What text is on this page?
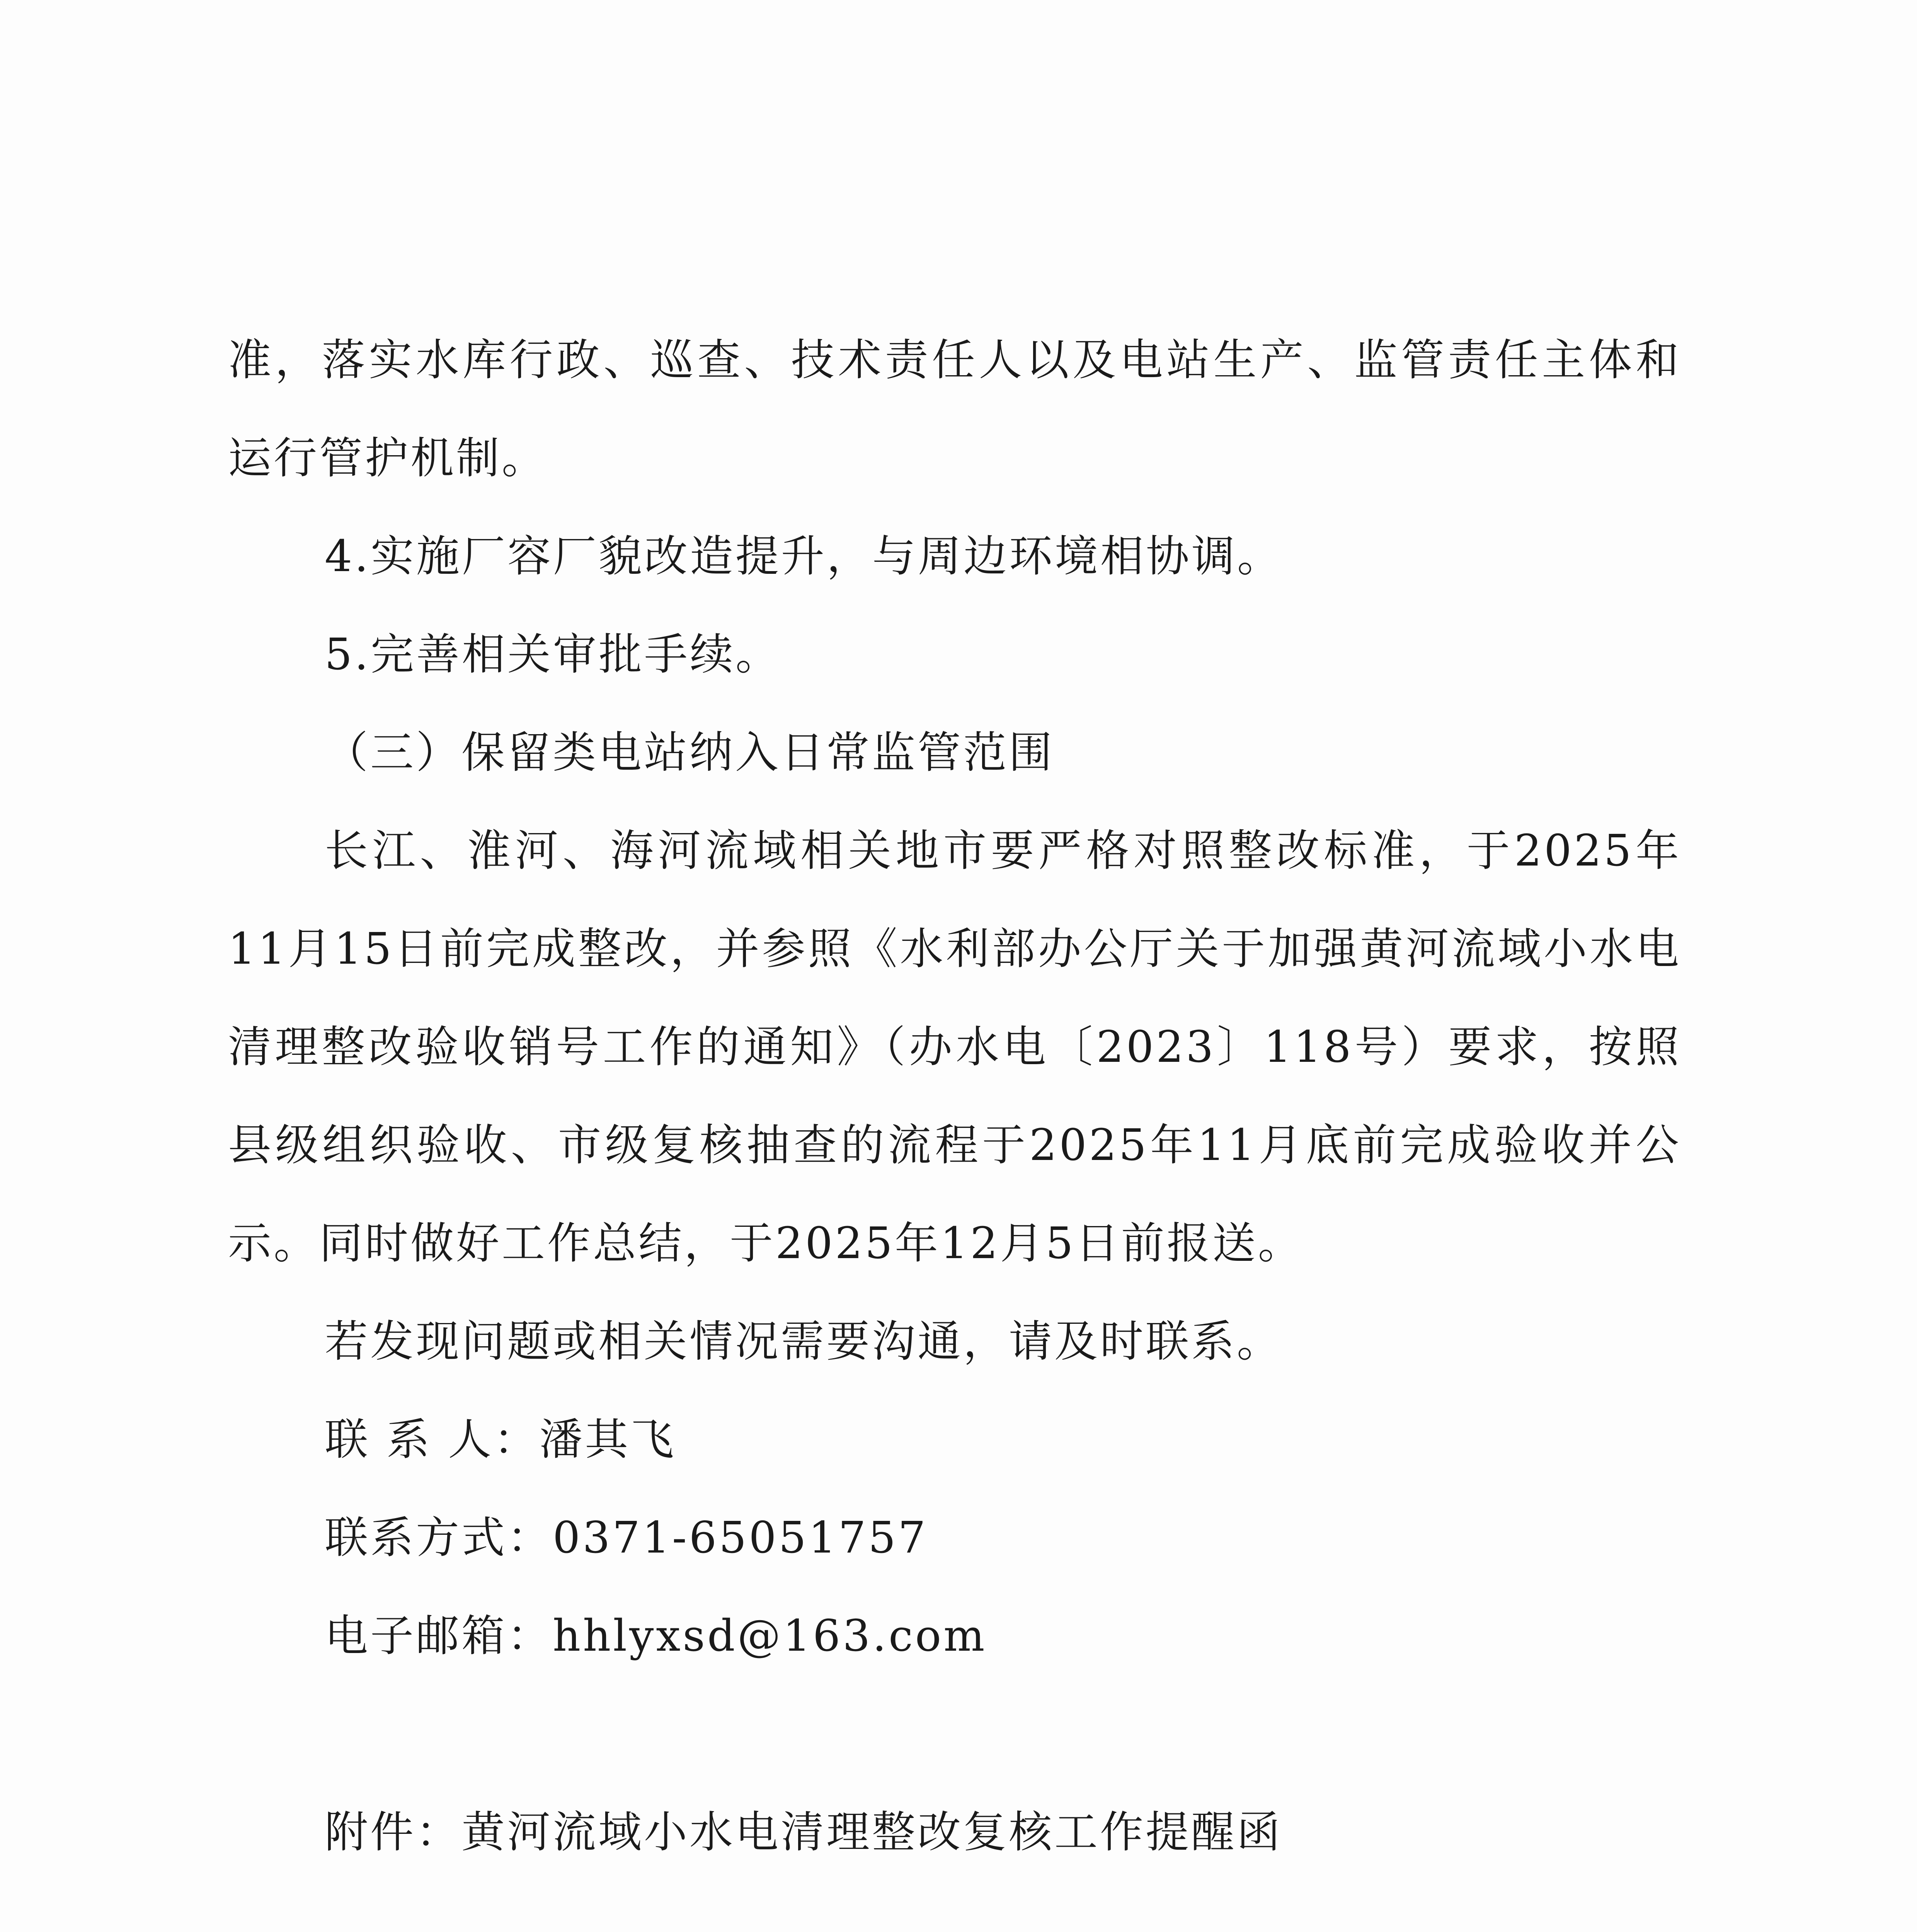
准，落实水库行政、巡查、技术责任人以及电站生产、监管责任主体和运行管护机制。

4.实施厂容厂貌改造提升，与周边环境相协调。

5.完善相关审批手续。

（三）保留类电站纳入日常监管范围

长江、淮河、海河流域相关地市要严格对照整改标准，于2025年11月15日前完成整改，并参照《水利部办公厅关于加强黄河流域小水电清理整改验收销号工作的通知》（办水电〔2023〕118号）要求，按照县级组织验收、市级复核抽查的流程于2025年11月底前完成验收并公示。同时做好工作总结，于2025年12月5日前报送。

若发现问题或相关情况需要沟通，请及时联系。

联 系 人：潘其飞

联系方式：0371-65051757

电子邮箱：hhlyxsd@163.com

附件：黄河流域小水电清理整改复核工作提醒函
